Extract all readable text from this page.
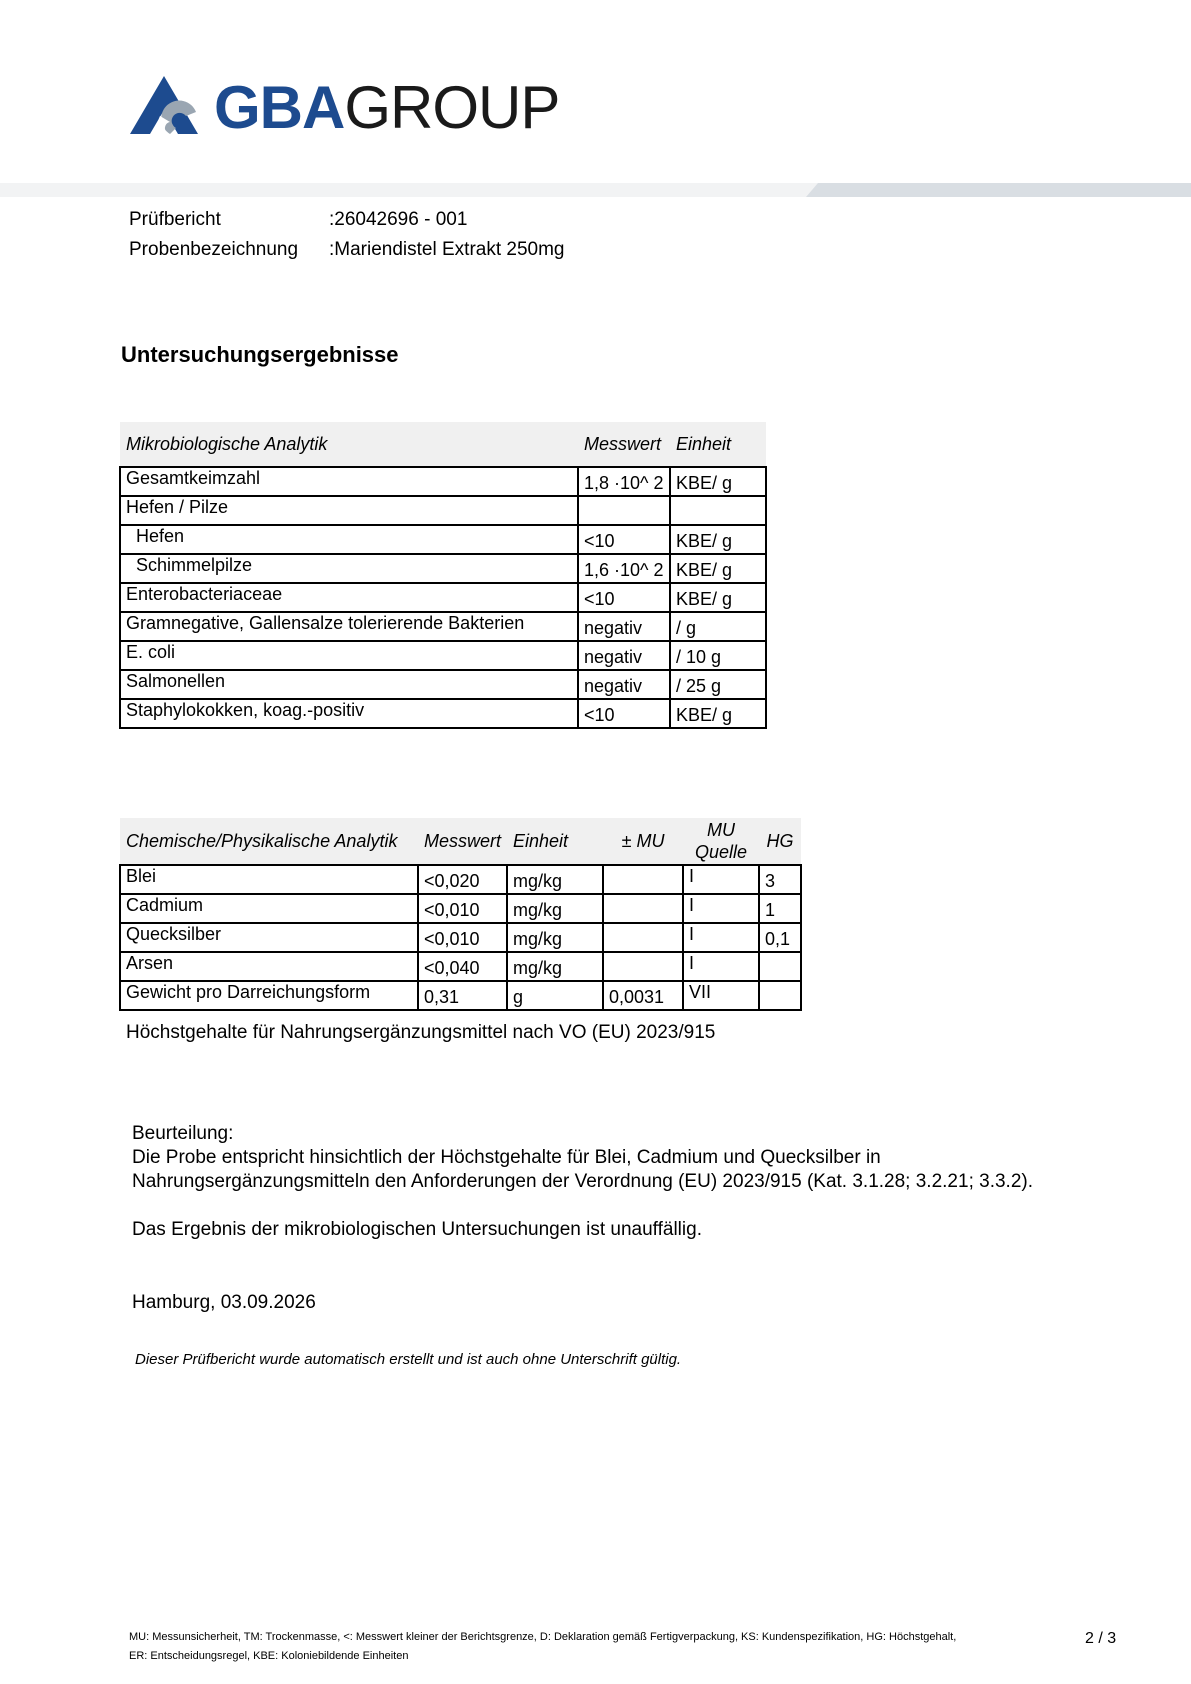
GBAGROUP
Prüfbericht	:26042696 - 001
Probenbezeichnung :Mariendistel Extrakt 250mg
Untersuchungsergebnisse
Mikrobiologische Analytik	Messwert	Einheit
Gesamtkeimzahl	1,8 ·10^ 2	KBE/ g
Hefen / Pilze		
Hefen	<10	KBE/ g
Schimmelpilze	1,6 ·10^ 2	KBE/ g
Enterobacteriaceae	<10	KBE/ g
Gramnegative, Gallensalze tolerierende Bakterien	negativ	/ g
E. coli	negativ	/ 10 g
Salmonellen	negativ	/ 25 g
Staphylokokken, koag.-positiv	<10	KBE/ g
Chemische/Physikalische Analytik	Messwert	Einheit	± MU	MU Quelle	HG
Blei	<0,020	mg/kg		I	3
Cadmium	<0,010	mg/kg		I	1
Quecksilber	<0,010	mg/kg		I	0,1
Arsen	<0,040	mg/kg		I	
Gewicht pro Darreichungsform	0,31	g	0,0031	VII	
Höchstgehalte für Nahrungsergänzungsmittel nach VO (EU) 2023/915

Beurteilung:

Die Probe entspricht hinsichtlich der Höchstgehalte für Blei, Cadmium und Quecksilber in

Nahrungsergänzungsmitteln den Anforderungen der Verordnung (EU) 2023/915 (Kat. 3.1.28; 3.2.21; 3.3.2).

Das Ergebnis der mikrobiologischen Untersuchungen ist unauffällig.

Hamburg, 03.09.2026
Dieser Prüfbericht wurde automatisch erstellt und ist auch ohne Unterschrift gültig.
MU: Messunsicherheit, TM: Trockenmasse, <: Messwert kleiner der Berichtsgrenze, D: Deklaration gemäß Fertigverpackung, KS: Kundenspezifikation, HG: Höchstgehalt,
ER: Entscheidungsregel, KBE: Koloniebildende Einheiten
2 / 3
